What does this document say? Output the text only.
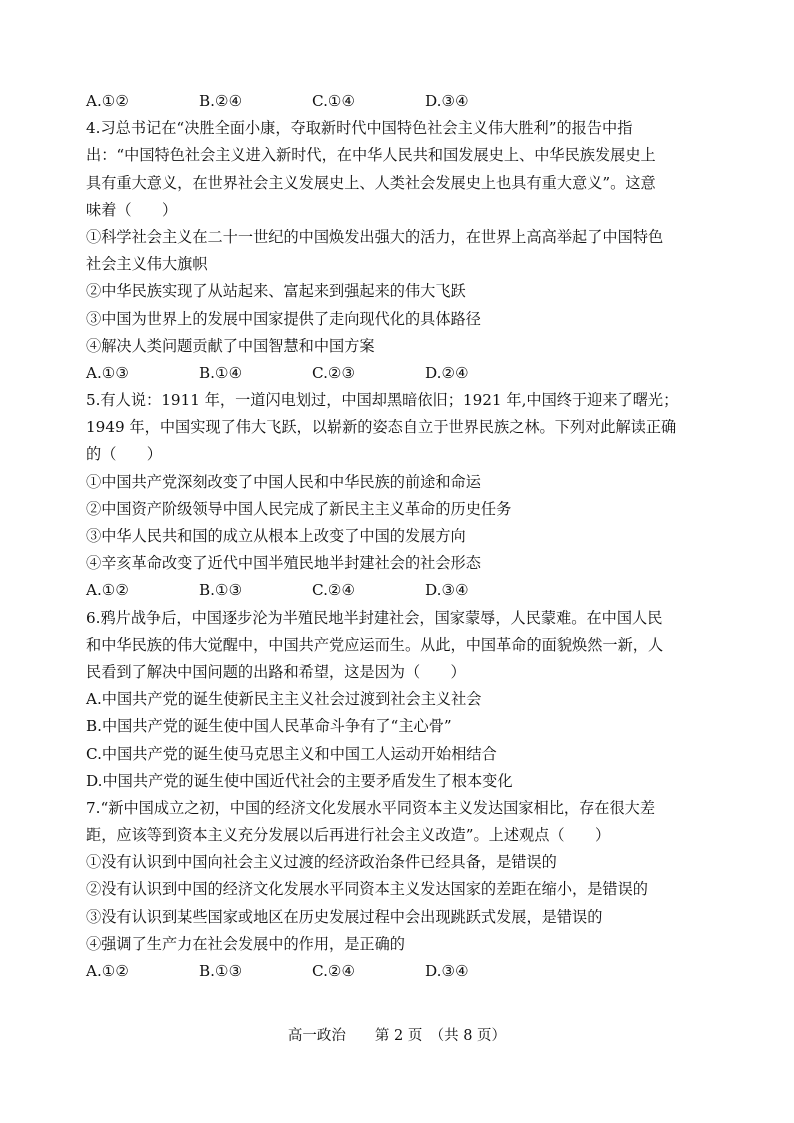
A.①②	B.②④	C.①④	D.③④
4.习总书记在“决胜全面小康，夺取新时代中国特色社会主义伟大胜利”的报告中指
出：“中国特色社会主义进入新时代，在中华人民共和国发展史上、中华民族发展史上
具有重大意义，在世界社会主义发展史上、人类社会发展史上也具有重大意义”。这意
味着（　　）
①科学社会主义在二十一世纪的中国焕发出强大的活力，在世界上高高举起了中国特色
社会主义伟大旗帜
②中华民族实现了从站起来、富起来到强起来的伟大飞跃
③中国为世界上的发展中国家提供了走向现代化的具体路径
④解决人类问题贡献了中国智慧和中国方案
A.①③	B.①④	C.②③	D.②④
5.有人说：1911 年，一道闪电划过，中国却黑暗依旧；1921 年,中国终于迎来了曙光；
1949 年，中国实现了伟大飞跃，以崭新的姿态自立于世界民族之林。下列对此解读正确
的（　　）
①中国共产党深刻改变了中国人民和中华民族的前途和命运
②中国资产阶级领导中国人民完成了新民主主义革命的历史任务
③中华人民共和国的成立从根本上改变了中国的发展方向
④辛亥革命改变了近代中国半殖民地半封建社会的社会形态
A.①②	B.①③	C.②④	D.③④
6.鸦片战争后，中国逐步沦为半殖民地半封建社会，国家蒙辱，人民蒙难。在中国人民
和中华民族的伟大觉醒中，中国共产党应运而生。从此，中国革命的面貌焕然一新，人
民看到了解决中国问题的出路和希望，这是因为（　　）
A.中国共产党的诞生使新民主主义社会过渡到社会主义社会
B.中国共产党的诞生使中国人民革命斗争有了“主心骨”
C.中国共产党的诞生使马克思主义和中国工人运动开始相结合
D.中国共产党的诞生使中国近代社会的主要矛盾发生了根本变化
7.“新中国成立之初，中国的经济文化发展水平同资本主义发达国家相比，存在很大差
距，应该等到资本主义充分发展以后再进行社会主义改造”。上述观点（　　）
①没有认识到中国向社会主义过渡的经济政治条件已经具备，是错误的
②没有认识到中国的经济文化发展水平同资本主义发达国家的差距在缩小，是错误的
③没有认识到某些国家或地区在历史发展过程中会出现跳跃式发展，是错误的
④强调了生产力在社会发展中的作用，是正确的
A.①②	B.①③	C.②④	D.③④
高一政治　　第 2 页　（共 8 页）
